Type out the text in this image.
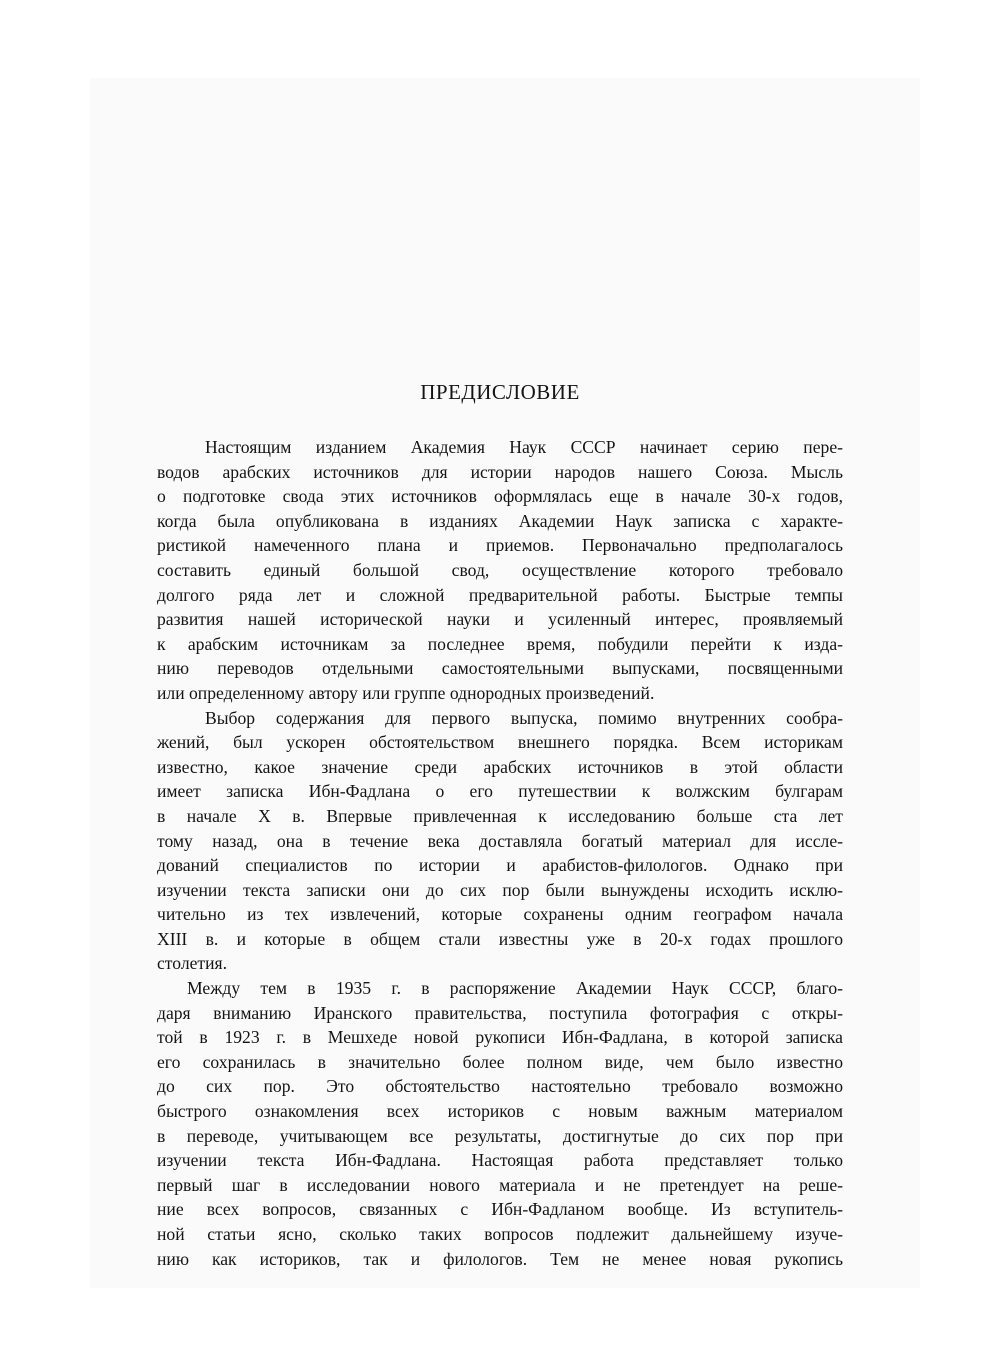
ПРЕДИСЛОВИЕ

Настоящим изданием Академия Наук СССР начинает серию пере-
водов арабских источников для истории народов нашего Союза. Мысль
о подготовке свода этих источников оформлялась еще в начале 30-х годов,
когда была опубликована в изданиях Академии Наук записка с характе-
ристикой намеченного плана и приемов. Первоначально предполагалось
составить единый большой свод, осуществление которого требовало
долгого ряда лет и сложной предварительной работы. Быстрые темпы
развития нашей исторической науки и усиленный интерес, проявляемый
к арабским источникам за последнее время, побудили перейти к изда-
нию переводов отдельными самостоятельными выпусками, посвященными
или определенному автору или группе однородных произведений.

Выбор содержания для первого выпуска, помимо внутренних сообра-
жений, был ускорен обстоятельством внешнего порядка. Всем историкам
известно, какое значение среди арабских источников в этой области
имеет записка Ибн-Фадлана о его путешествии к волжским булгарам
в начале X в. Впервые привлеченная к исследованию больше ста лет
тому назад, она в течение века доставляла богатый материал для иссле-
дований специалистов по истории и арабистов-филологов. Однако при
изучении текста записки они до сих пор были вынуждены исходить исклю-
чительно из тех извлечений, которые сохранены одним географом начала
XIII в. и которые в общем стали известны уже в 20-х годах прошлого
столетия.

Между тем в 1935 г. в распоряжение Академии Наук СССР, благо-
даря вниманию Иранского правительства, поступила фотография с откры-
той в 1923 г. в Мешхеде новой рукописи Ибн-Фадлана, в которой записка
его сохранилась в значительно более полном виде, чем было известно
до сих пор. Это обстоятельство настоятельно требовало возможно
быстрого ознакомления всех историков с новым важным материалом
в переводе, учитывающем все результаты, достигнутые до сих пор при
изучении текста Ибн-Фадлана. Настоящая работа представляет только
первый шаг в исследовании нового материала и не претендует на реше-
ние всех вопросов, связанных с Ибн-Фадланом вообще. Из вступитель-
ной статьи ясно, сколько таких вопросов подлежит дальнейшему изуче-
нию как историков, так и филологов. Тем не менее новая рукопись
